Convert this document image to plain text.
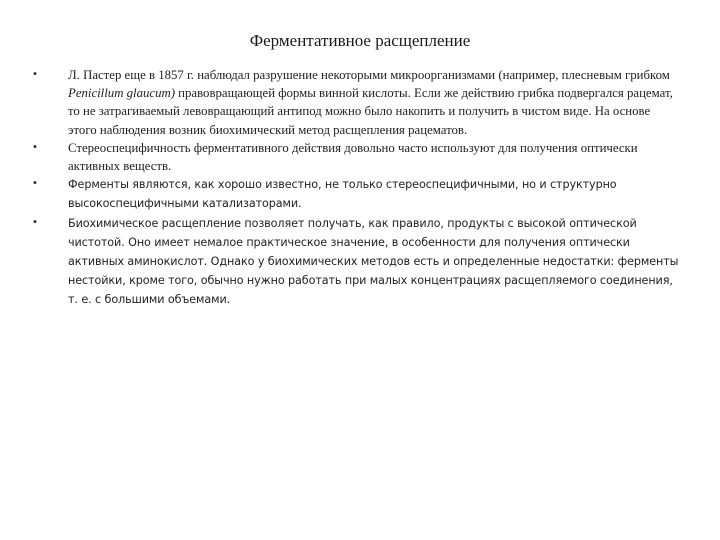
Ферментативное расщепление
•	Л. Пастер еще в 1857 г. наблюдал разрушение некоторыми микроорганизмами (например, плесневым грибком Penicillum glaucum) правовращающей формы винной кислоты. Если же действию грибка подвергался рацемат, то не затрагиваемый левовращающий антипод можно было накопить и получить в чистом виде. На основе этого наблюдения возник биохимический метод расщепления рацематов.
•	Стереоспецифичность ферментативного действия довольно часто используют для получения оптически активных веществ.
•	Ферменты являются, как хорошо известно, не только стереоспецифичными, но и структурно высокоспецифичными катализаторами.
•	Биохимическое расщепление позволяет получать, как правило, продукты с высокой оптической чистотой. Оно имеет немалое практическое значение, в особенности для получения оптически активных аминокислот. Однако у биохимических методов есть и определенные недостатки: ферменты нестойки, кроме того, обычно нужно работать при малых концентрациях расщепляемого соединения, т. е. с большими объемами.
